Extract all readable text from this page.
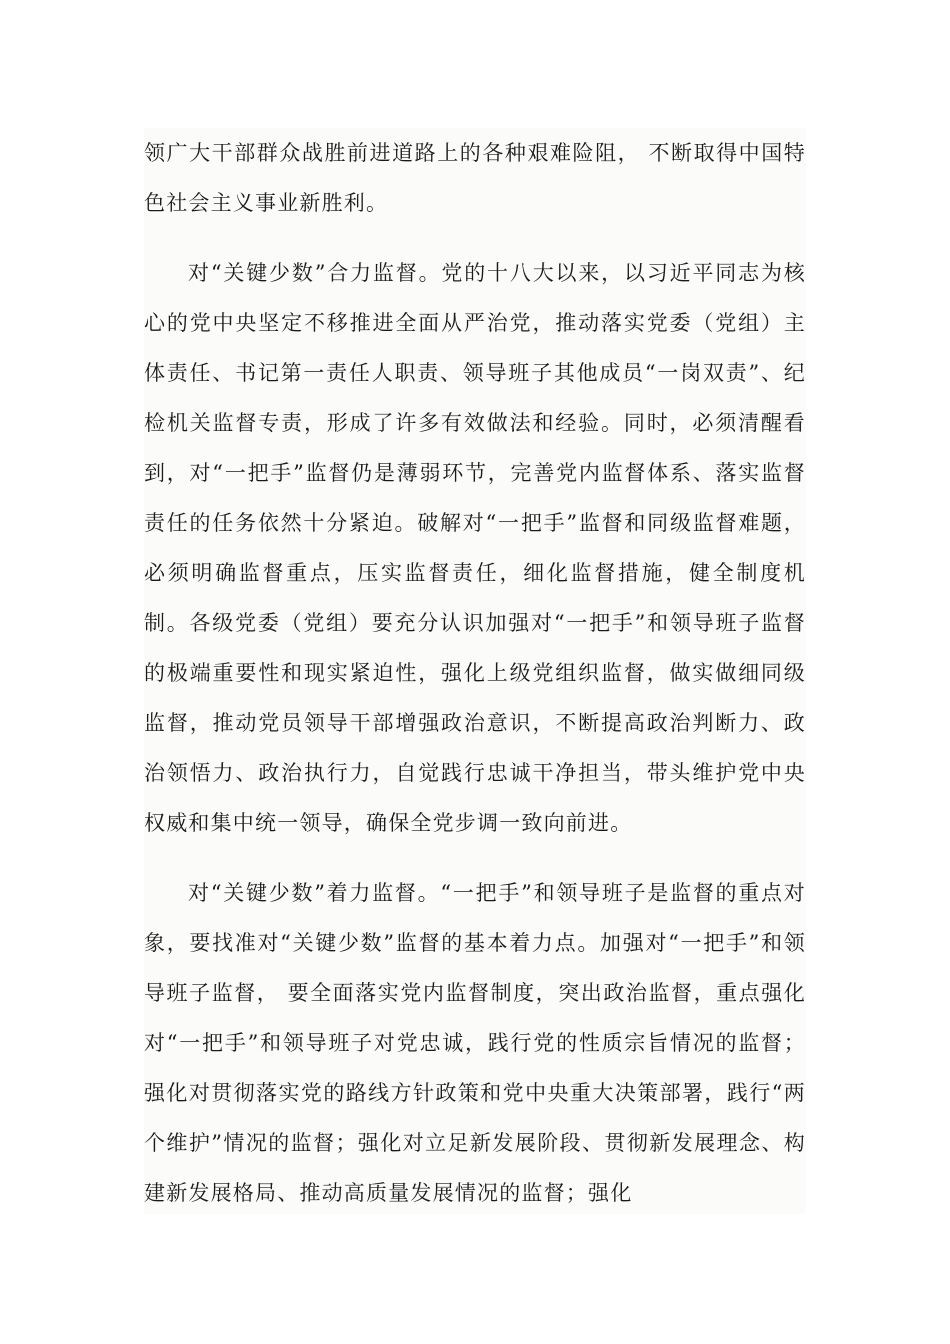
领广大干部群众战胜前进道路上的各种艰难险阻， 不断取得中国特色社会主义事业新胜利。

对“关键少数”合力监督。党的十八大以来，以习近平同志为核心的党中央坚定不移推进全面从严治党，推动落实党委（党组）主体责任、书记第一责任人职责、领导班子其他成员“一岗双责”、纪检机关监督专责，形成了许多有效做法和经验。同时，必须清醒看到，对“一把手”监督仍是薄弱环节，完善党内监督体系、落实监督责任的任务依然十分紧迫。破解对“一把手”监督和同级监督难题，必须明确监督重点，压实监督责任，细化监督措施，健全制度机制。各级党委（党组）要充分认识加强对“一把手”和领导班子监督的极端重要性和现实紧迫性，强化上级党组织监督，做实做细同级监督，推动党员领导干部增强政治意识，不断提高政治判断力、政治领悟力、政治执行力，自觉践行忠诚干净担当，带头维护党中央权威和集中统一领导，确保全党步调一致向前进。

对“关键少数”着力监督。“一把手”和领导班子是监督的重点对象，要找准对“关键少数”监督的基本着力点。加强对“一把手”和领导班子监督， 要全面落实党内监督制度，突出政治监督，重点强化对“一把手”和领导班子对党忠诚，践行党的性质宗旨情况的监督；强化对贯彻落实党的路线方针政策和党中央重大决策部署，践行“两个维护”情况的监督；强化对立足新发展阶段、贯彻新发展理念、构建新发展格局、推动高质量发展情况的监督；强化
